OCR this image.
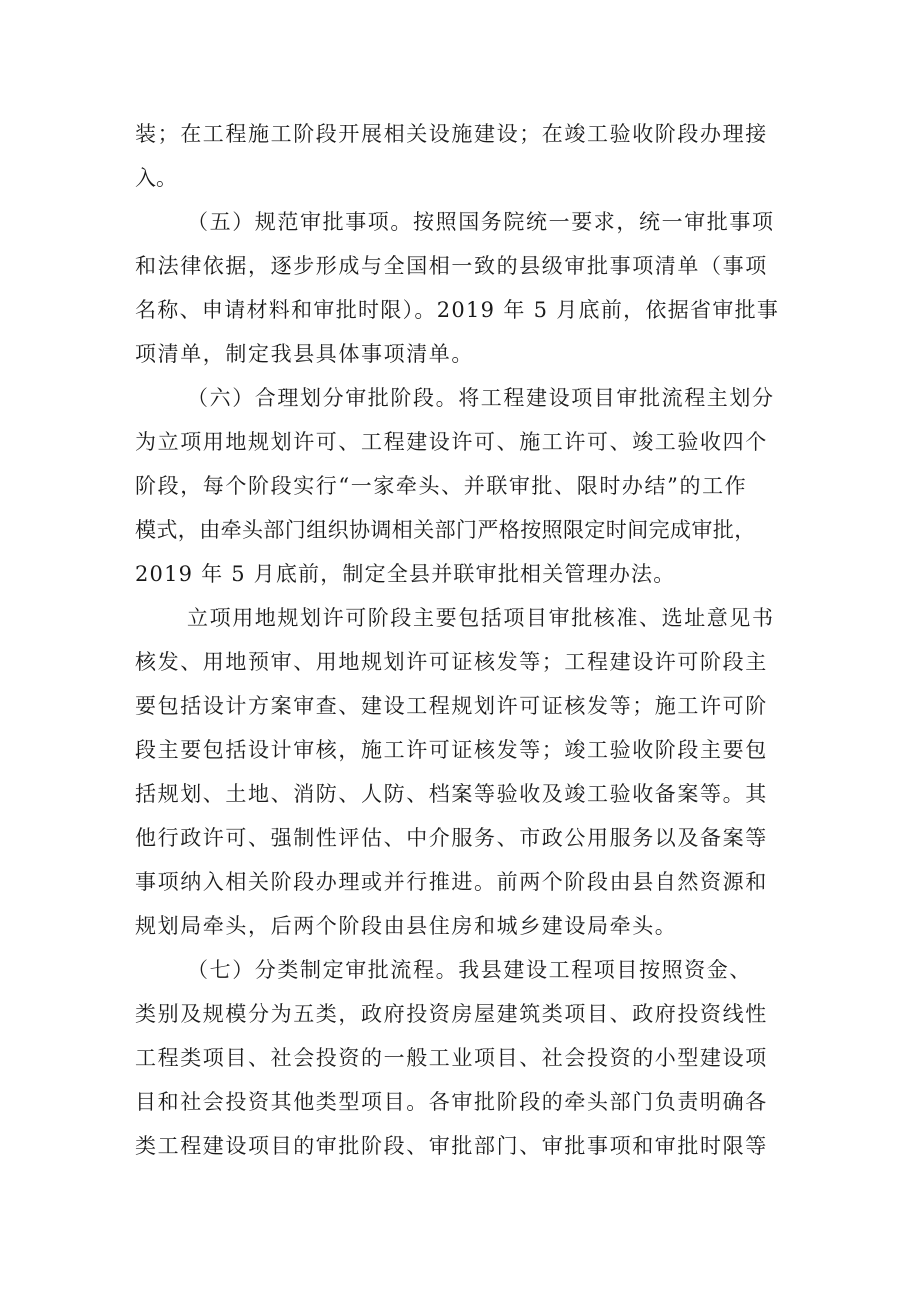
装；在工程施工阶段开展相关设施建设；在竣工验收阶段办理接
入。
（五）规范审批事项。按照国务院统一要求，统一审批事项
和法律依据，逐步形成与全国相一致的县级审批事项清单（事项
名称、申请材料和审批时限）。2019 年 5 月底前，依据省审批事
项清单，制定我县具体事项清单。
（六）合理划分审批阶段。将工程建设项目审批流程主划分
为立项用地规划许可、工程建设许可、施工许可、竣工验收四个
阶段，每个阶段实行“一家牵头、并联审批、限时办结”的工作
模式，由牵头部门组织协调相关部门严格按照限定时间完成审批，
2019 年 5 月底前，制定全县并联审批相关管理办法。
立项用地规划许可阶段主要包括项目审批核准、选址意见书
核发、用地预审、用地规划许可证核发等；工程建设许可阶段主
要包括设计方案审查、建设工程规划许可证核发等；施工许可阶
段主要包括设计审核，施工许可证核发等；竣工验收阶段主要包
括规划、土地、消防、人防、档案等验收及竣工验收备案等。其
他行政许可、强制性评估、中介服务、市政公用服务以及备案等
事项纳入相关阶段办理或并行推进。前两个阶段由县自然资源和
规划局牵头，后两个阶段由县住房和城乡建设局牵头。
（七）分类制定审批流程。我县建设工程项目按照资金、
类别及规模分为五类，政府投资房屋建筑类项目、政府投资线性
工程类项目、社会投资的一般工业项目、社会投资的小型建设项
目和社会投资其他类型项目。各审批阶段的牵头部门负责明确各
类工程建设项目的审批阶段、审批部门、审批事项和审批时限等
